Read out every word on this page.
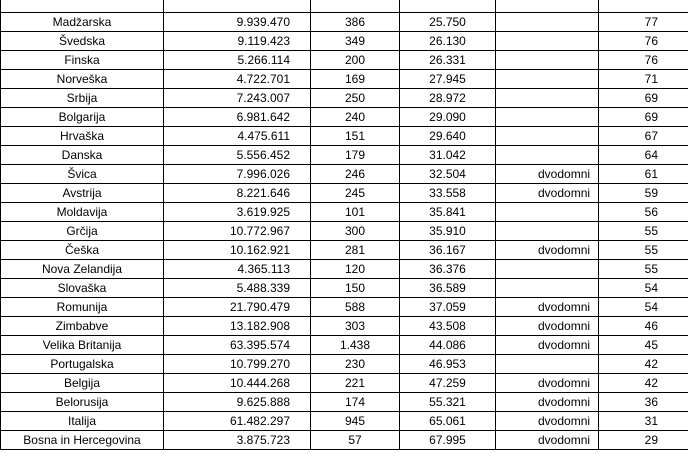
Madžarska	9.939.470	386	25.750		77
Švedska	9.119.423	349	26.130		76
Finska	5.266.114	200	26.331		76
Norveška	4.722.701	169	27.945		71
Srbija	7.243.007	250	28.972		69
Bolgarija	6.981.642	240	29.090		69
Hrvaška	4.475.611	151	29.640		67
Danska	5.556.452	179	31.042		64
Švica	7.996.026	246	32.504	dvodomni	61
Avstrija	8.221.646	245	33.558	dvodomni	59
Moldavija	3.619.925	101	35.841		56
Grčija	10.772.967	300	35.910		55
Češka	10.162.921	281	36.167	dvodomni	55
Nova Zelandija	4.365.113	120	36.376		55
Slovaška	5.488.339	150	36.589		54
Romunija	21.790.479	588	37.059	dvodomni	54
Zimbabve	13.182.908	303	43.508	dvodomni	46
Velika Britanija	63.395.574	1.438	44.086	dvodomni	45
Portugalska	10.799.270	230	46.953		42
Belgija	10.444.268	221	47.259	dvodomni	42
Belorusija	9.625.888	174	55.321	dvodomni	36
Italija	61.482.297	945	65.061	dvodomni	31
Bosna in Hercegovina	3.875.723	57	67.995	dvodomni	29
